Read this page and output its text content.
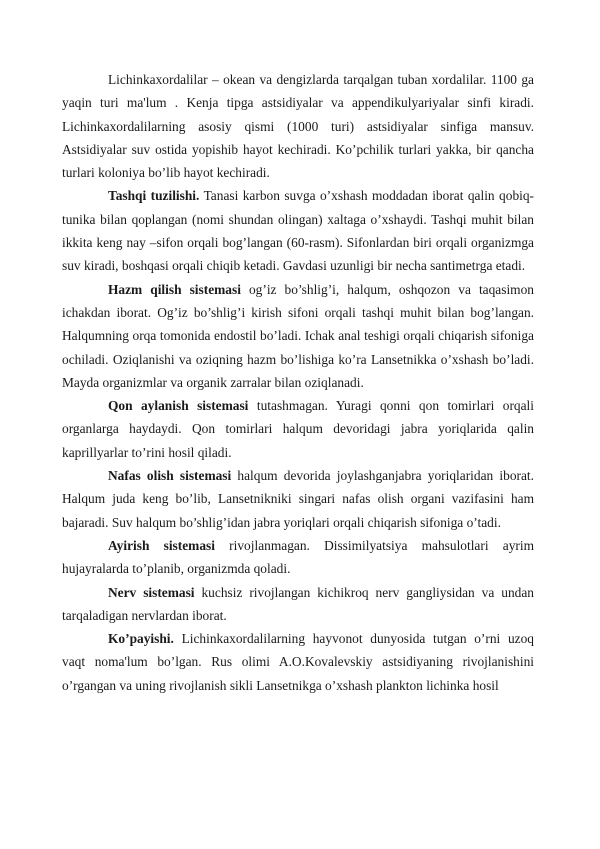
Lichinkaxordalilar – okean va dengizlarda tarqalgan tuban xordalilar. 1100 ga yaqin turi ma'lum . Kenja tipga astsidiyalar va appendikulyariyalar sinfi kiradi. Lichinkaxordalilarning asosiy qismi (1000 turi) astsidiyalar sinfiga mansuv. Astsidiyalar suv ostida yopishib hayot kechiradi. Ko’pchilik turlari yakka, bir qancha turlari koloniya bo’lib hayot kechiradi.

Tashqi tuzilishi. Tanasi karbon suvga o’xshash moddadan iborat qalin qobiq-tunika bilan qoplangan (nomi shundan olingan) xaltaga o’xshaydi. Tashqi muhit bilan ikkita keng nay –sifon orqali bog’langan (60-rasm). Sifonlardan biri orqali organizmga suv kiradi, boshqasi orqali chiqib ketadi. Gavdasi uzunligi bir necha santimetrga etadi.

Hazm qilish sistemasi og’iz bo’shlig’i, halqum, oshqozon va taqasimon ichakdan iborat. Og’iz bo’shlig’i kirish sifoni orqali tashqi muhit bilan bog’langan. Halqumning orqa tomonida endostil bo’ladi. Ichak anal teshigi orqali chiqarish sifoniga ochiladi. Oziqlanishi va oziqning hazm bo’lishiga ko’ra Lansetnikka o’xshash bo’ladi. Mayda organizmlar va organik zarralar bilan oziqlanadi.

Qon aylanish sistemasi tutashmagan. Yuragi qonni qon tomirlari orqali organlarga haydaydi. Qon tomirlari halqum devoridagi jabra yoriqlarida qalin kaprillyarlar to’rini hosil qiladi.

Nafas olish sistemasi halqum devorida joylashganjabra yoriqlaridan iborat. Halqum juda keng bo’lib, Lansetnikniki singari nafas olish organi vazifasini ham bajaradi. Suv halqum bo’shlig’idan jabra yoriqlari orqali chiqarish sifoniga o’tadi.

Ayirish sistemasi rivojlanmagan. Dissimilyatsiya mahsulotlari ayrim hujayralarda to’planib, organizmda qoladi.

Nerv sistemasi kuchsiz rivojlangan kichikroq nerv gangliysidan va undan tarqaladigan nervlardan iborat.

Ko’payishi. Lichinkaxordalilarning hayvonot dunyosida tutgan o’rni uzoq vaqt noma'lum bo’lgan. Rus olimi A.O.Kovalevskiy astsidiyaning rivojlanishini o’rgangan va uning rivojlanish sikli Lansetnikga o’xshash plankton lichinka hosil
